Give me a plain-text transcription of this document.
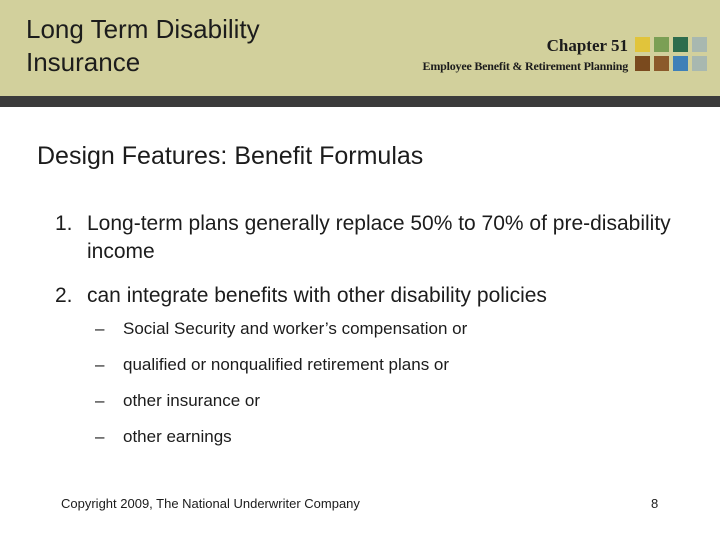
Long Term Disability
Insurance
Chapter 51
Employee Benefit & Retirement Planning
Design Features: Benefit Formulas
1. Long-term plans generally replace 50% to 70% of pre-disability income
2. can integrate benefits with other disability policies
– Social Security and worker’s compensation or
– qualified or nonqualified retirement plans or
– other insurance or
– other earnings
Copyright 2009, The National Underwriter Company	8
